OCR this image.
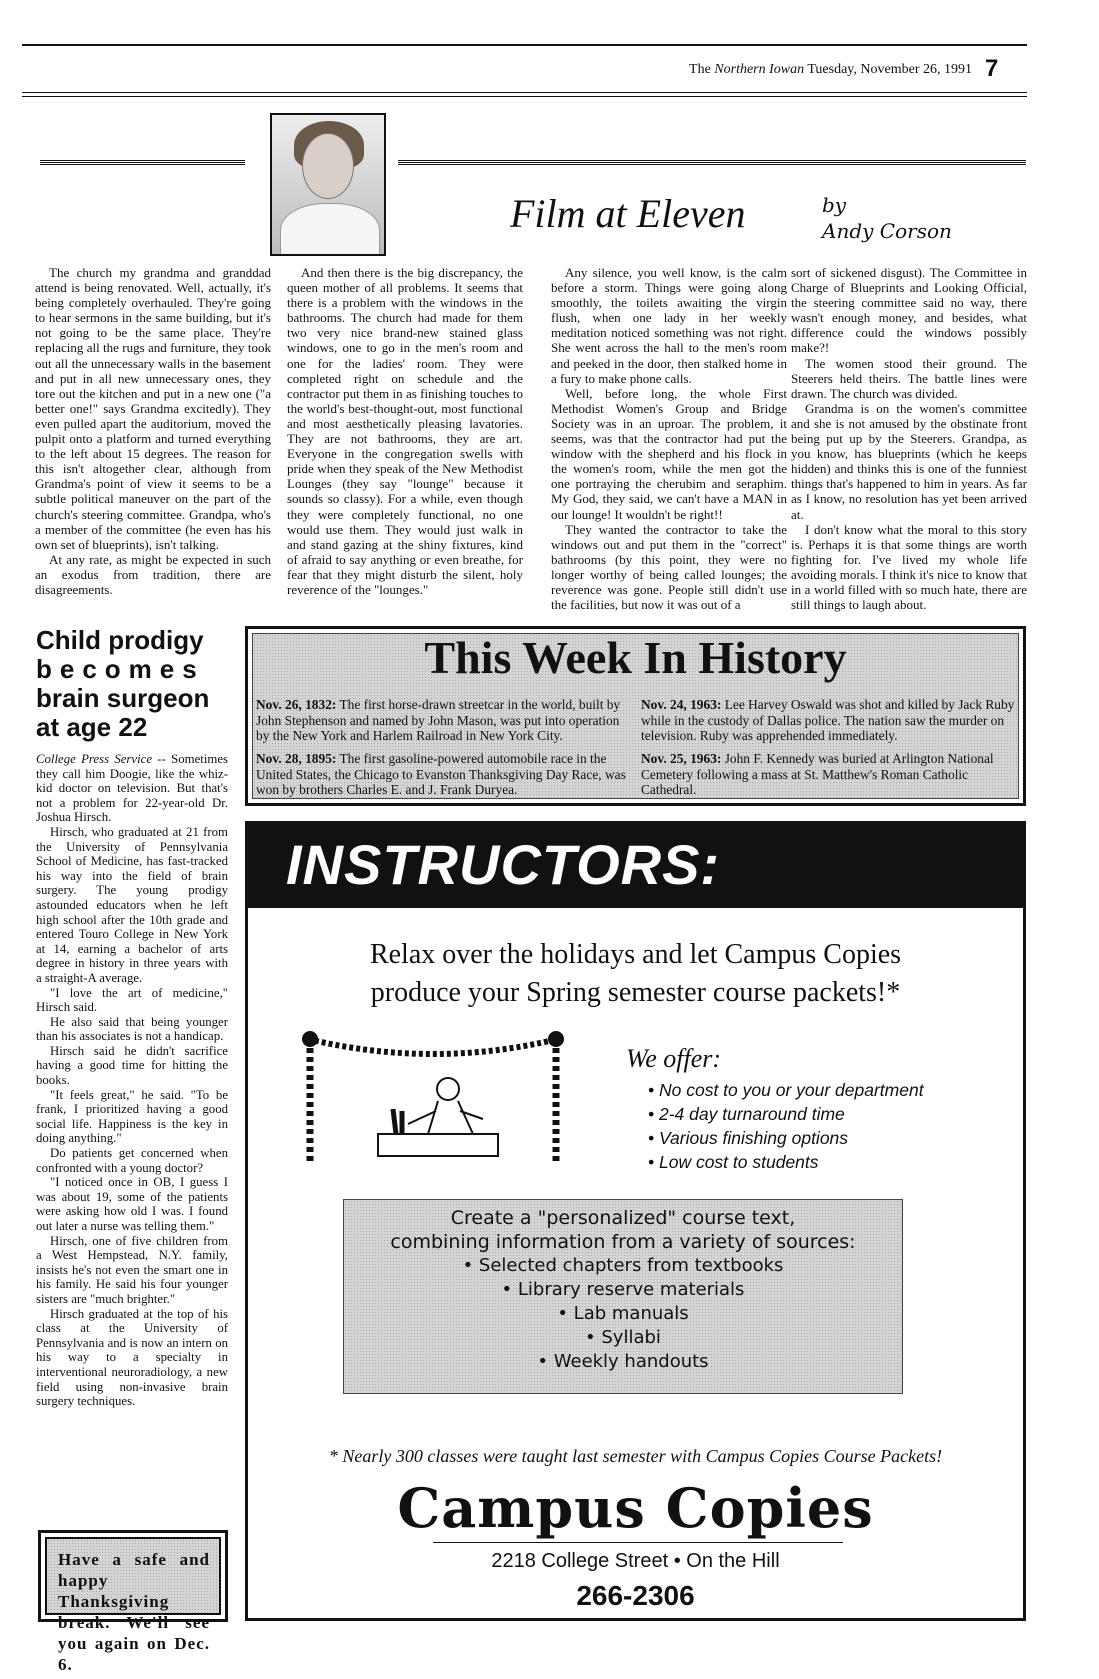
The Northern Iowan Tuesday, November 26, 1991 7
Film at Eleven	by
Andy Corson

The church my grandma and granddad attend is being renovated. Well, actually, it's being completely overhauled. They're going to hear sermons in the same building, but it's not going to be the same place. They're replacing all the rugs and furniture, they took out all the unnecessary walls in the basement and put in all new unnecessary ones, they tore out the kitchen and put in a new one ("a better one!" says Grandma excitedly). They even pulled apart the auditorium, moved the pulpit onto a platform and turned everything to the left about 15 degrees. The reason for this isn't altogether clear, although from Grandma's point of view it seems to be a subtle political maneuver on the part of the church's steering committee. Grandpa, who's a member of the committee (he even has his own set of blueprints), isn't talking.

At any rate, as might be expected in such an exodus from tradition, there are disagreements.

And then there is the big discrepancy, the queen mother of all problems. It seems that there is a problem with the windows in the bathrooms. The church had made for them two very nice brand-new stained glass windows, one to go in the men's room and one for the ladies' room. They were completed right on schedule and the contractor put them in as finishing touches to the world's best-thought-out, most functional and most aesthetically pleasing lavatories. They are not bathrooms, they are art. Everyone in the congregation swells with pride when they speak of the New Methodist Lounges (they say "lounge" because it sounds so classy). For a while, even though they were completely functional, no one would use them. They would just walk in and stand gazing at the shiny fixtures, kind of afraid to say anything or even breathe, for fear that they might disturb the silent, holy reverence of the "lounges."

Any silence, you well know, is the calm before a storm. Things were going along smoothly, the toilets awaiting the virgin flush, when one lady in her weekly meditation noticed something was not right. She went across the hall to the men's room and peeked in the door, then stalked home in a fury to make phone calls.

Well, before long, the whole First Methodist Women's Group and Bridge Society was in an uproar. The problem, it seems, was that the contractor had put the window with the shepherd and his flock in the women's room, while the men got the one portraying the cherubim and seraphim. My God, they said, we can't have a MAN in our lounge! It wouldn't be right!!

They wanted the contractor to take the windows out and put them in the "correct" bathrooms (by this point, they were no longer worthy of being called lounges; the reverence was gone. People still didn't use the facilities, but now it was out of a

sort of sickened disgust). The Committee in Charge of Blueprints and Looking Official, the steering committee said no way, there wasn't enough money, and besides, what difference could the windows possibly make?!

The women stood their ground. The Steerers held theirs. The battle lines were drawn. The church was divided.

Grandma is on the women's committee and she is not amused by the obstinate front being put up by the Steerers. Grandpa, as you know, has blueprints (which he keeps hidden) and thinks this is one of the funniest things that's happened to him in years. As far as I know, no resolution has yet been arrived at.

I don't know what the moral to this story is. Perhaps it is that some things are worth fighting for. I've lived my whole life avoiding morals. I think it's nice to know that in a world filled with so much hate, there are still things to laugh about.

Child prodigy
becomes
brain surgeon
at age 22

College Press Service -- Sometimes they call him Doogie, like the whiz-kid doctor on television. But that's not a problem for 22-year-old Dr. Joshua Hirsch.

Hirsch, who graduated at 21 from the University of Pennsylvania School of Medicine, has fast-tracked his way into the field of brain surgery. The young prodigy astounded educators when he left high school after the 10th grade and entered Touro College in New York at 14, earning a bachelor of arts degree in history in three years with a straight-A average.

"I love the art of medicine," Hirsch said.

He also said that being younger than his associates is not a handicap.

Hirsch said he didn't sacrifice having a good time for hitting the books.

"It feels great," he said. "To be frank, I prioritized having a good social life. Happiness is the key in doing anything."

Do patients get concerned when confronted with a young doctor?

"I noticed once in OB, I guess I was about 19, some of the patients were asking how old I was. I found out later a nurse was telling them."

Hirsch, one of five children from a West Hempstead, N.Y. family, insists he's not even the smart one in his family. He said his four younger sisters are "much brighter."

Hirsch graduated at the top of his class at the University of Pennsylvania and is now an intern on his way to a specialty in interventional neuroradiology, a new field using non-invasive brain surgery techniques.

Have a safe and happy Thanksgiving break. We'll see you again on Dec. 6.
This Week In History
Nov. 26, 1832: The first horse-drawn streetcar in the world, built by John Stephenson and named by John Mason, was put into operation by the New York and Harlem Railroad in New York City.
Nov. 28, 1895: The first gasoline-powered automobile race in the United States, the Chicago to Evanston Thanksgiving Day Race, was won by brothers Charles E. and J. Frank Duryea.
Nov. 24, 1963: Lee Harvey Oswald was shot and killed by Jack Ruby while in the custody of Dallas police. The nation saw the murder on television. Ruby was apprehended immediately.
Nov. 25, 1963: John F. Kennedy was buried at Arlington National Cemetery following a mass at St. Matthew's Roman Catholic Cathedral.
INSTRUCTORS:
Relax over the holidays and let Campus Copies
produce your Spring semester course packets!*
We offer:
• No cost to you or your department
• 2-4 day turnaround time
• Various finishing options
• Low cost to students
Create a "personalized" course text,
combining information from a variety of sources:
• Selected chapters from textbooks
• Library reserve materials
• Lab manuals
• Syllabi
• Weekly handouts
* Nearly 300 classes were taught last semester with Campus Copies Course Packets!
Campus Copies
2218 College Street • On the Hill
266-2306
